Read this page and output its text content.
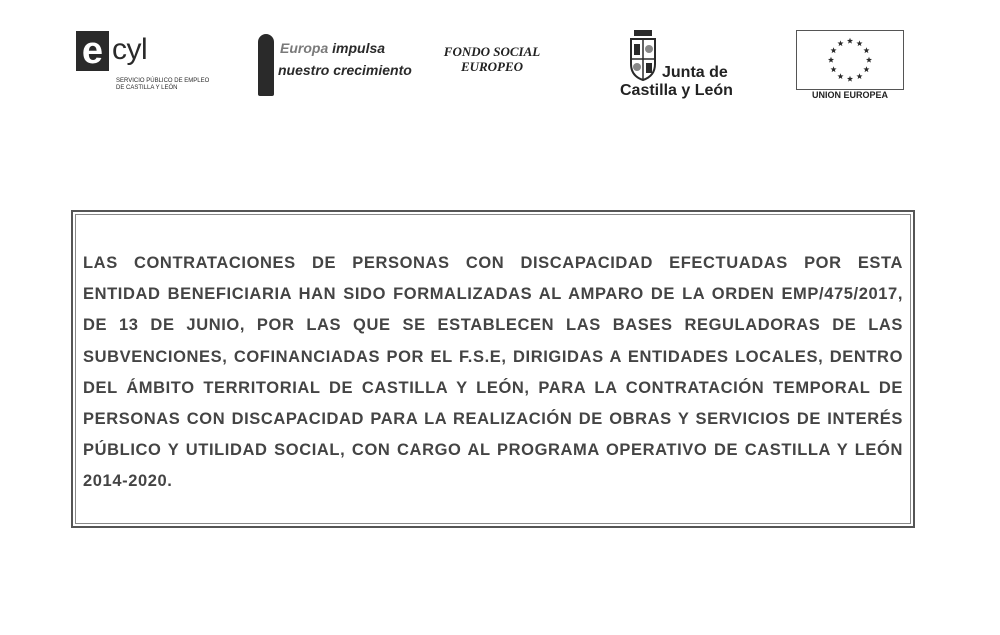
e cyl
SERVICIO PÚBLICO DE EMPLEO DE CASTILLA Y LEÓN
Europa impulsa
nuestro crecimiento
FONDO SOCIAL
EUROPEO	Junta de
Castilla y León	UNION EUROPEA

LAS CONTRATACIONES DE PERSONAS CON DISCAPACIDAD EFECTUADAS POR ESTA ENTIDAD BENEFICIARIA HAN SIDO FORMALIZADAS AL AMPARO DE LA ORDEN EMP/475/2017, DE 13 DE JUNIO, POR LAS QUE SE ESTABLECEN LAS BASES REGULADORAS DE LAS SUBVENCIONES, COFINANCIADAS POR EL F.S.E, DIRIGIDAS A ENTIDADES LOCALES, DENTRO DEL ÁMBITO TERRITORIAL DE CASTILLA Y LEÓN, PARA LA CONTRATACIÓN TEMPORAL DE PERSONAS CON DISCAPACIDAD PARA LA REALIZACIÓN DE OBRAS Y SERVICIOS DE INTERÉS PÚBLICO Y UTILIDAD SOCIAL, CON CARGO AL PROGRAMA OPERATIVO DE CASTILLA Y LEÓN 2014-2020.
